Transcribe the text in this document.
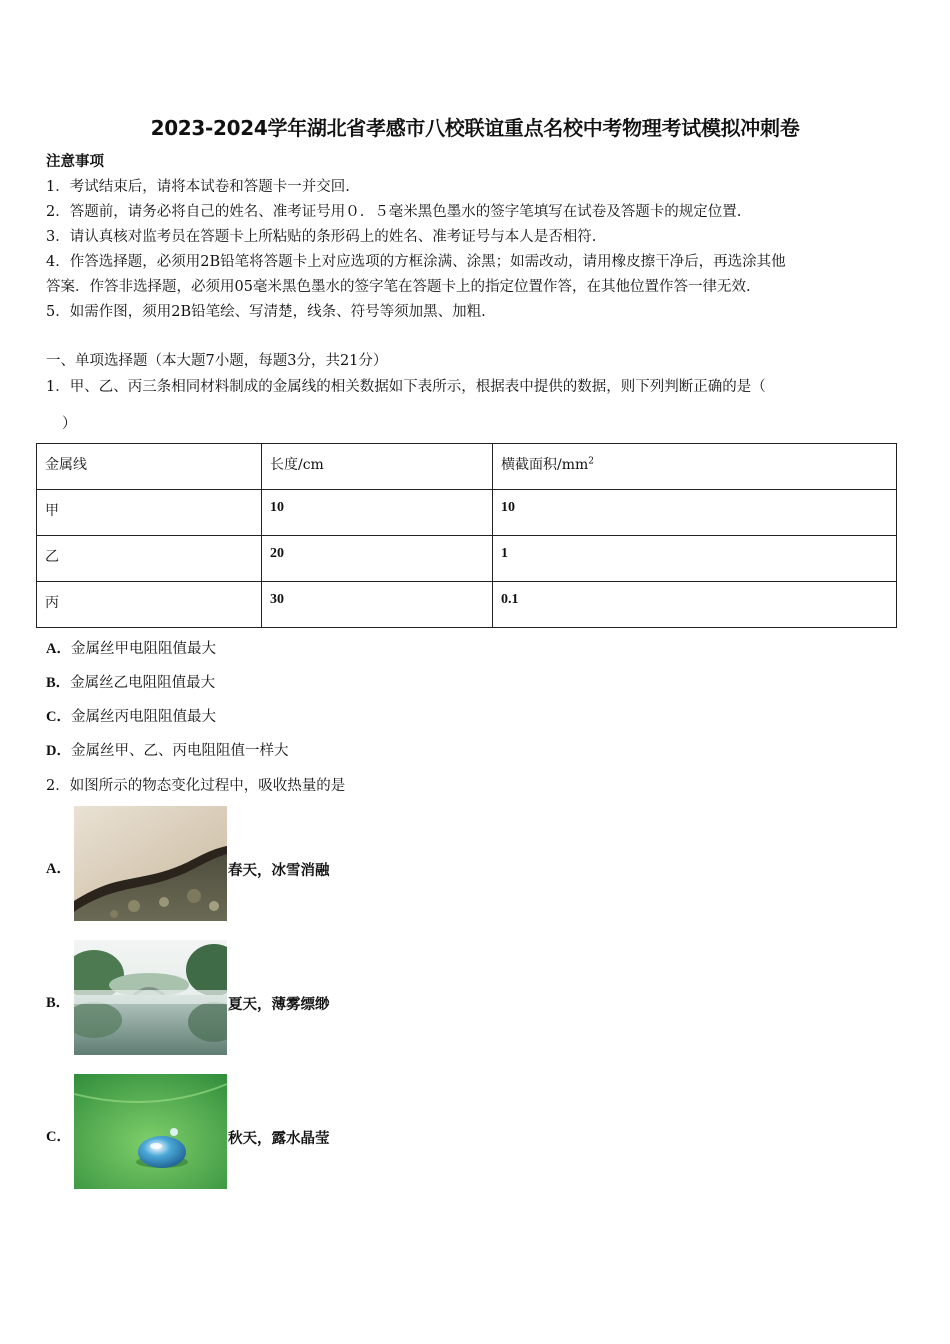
2023-2024学年湖北省孝感市八校联谊重点名校中考物理考试模拟冲刺卷
注意事项
1．考试结束后，请将本试卷和答题卡一并交回.
2．答题前，请务必将自己的姓名、准考证号用０．５毫米黑色墨水的签字笔填写在试卷及答题卡的规定位置.
3．请认真核对监考员在答题卡上所粘贴的条形码上的姓名、准考证号与本人是否相符.
4．作答选择题，必须用2B铅笔将答题卡上对应选项的方框涂满、涂黑；如需改动，请用橡皮擦干净后，再选涂其他
答案．作答非选择题，必须用05毫米黑色墨水的签字笔在答题卡上的指定位置作答，在其他位置作答一律无效.
5．如需作图，须用2B铅笔绘、写清楚，线条、符号等须加黑、加粗.
一、单项选择题（本大题7小题，每题3分，共21分）
1．甲、乙、丙三条相同材料制成的金属线的相关数据如下表所示，根据表中提供的数据，则下列判断正确的是（
）
金属线	长度/cm	横截面积$/mm^2$
甲	10	10
乙	20	1
丙	30	0.1
A．金属丝甲电阻阻值最大
B．金属丝乙电阻阻值最大
C．金属丝丙电阻阻值最大
D．金属丝甲、乙、丙电阻阻值一样大
2．如图所示的物态变化过程中，吸收热量的是
A．	春天，冰雪消融
B．	夏天，薄雾缥缈
C．	秋天，露水晶莹
